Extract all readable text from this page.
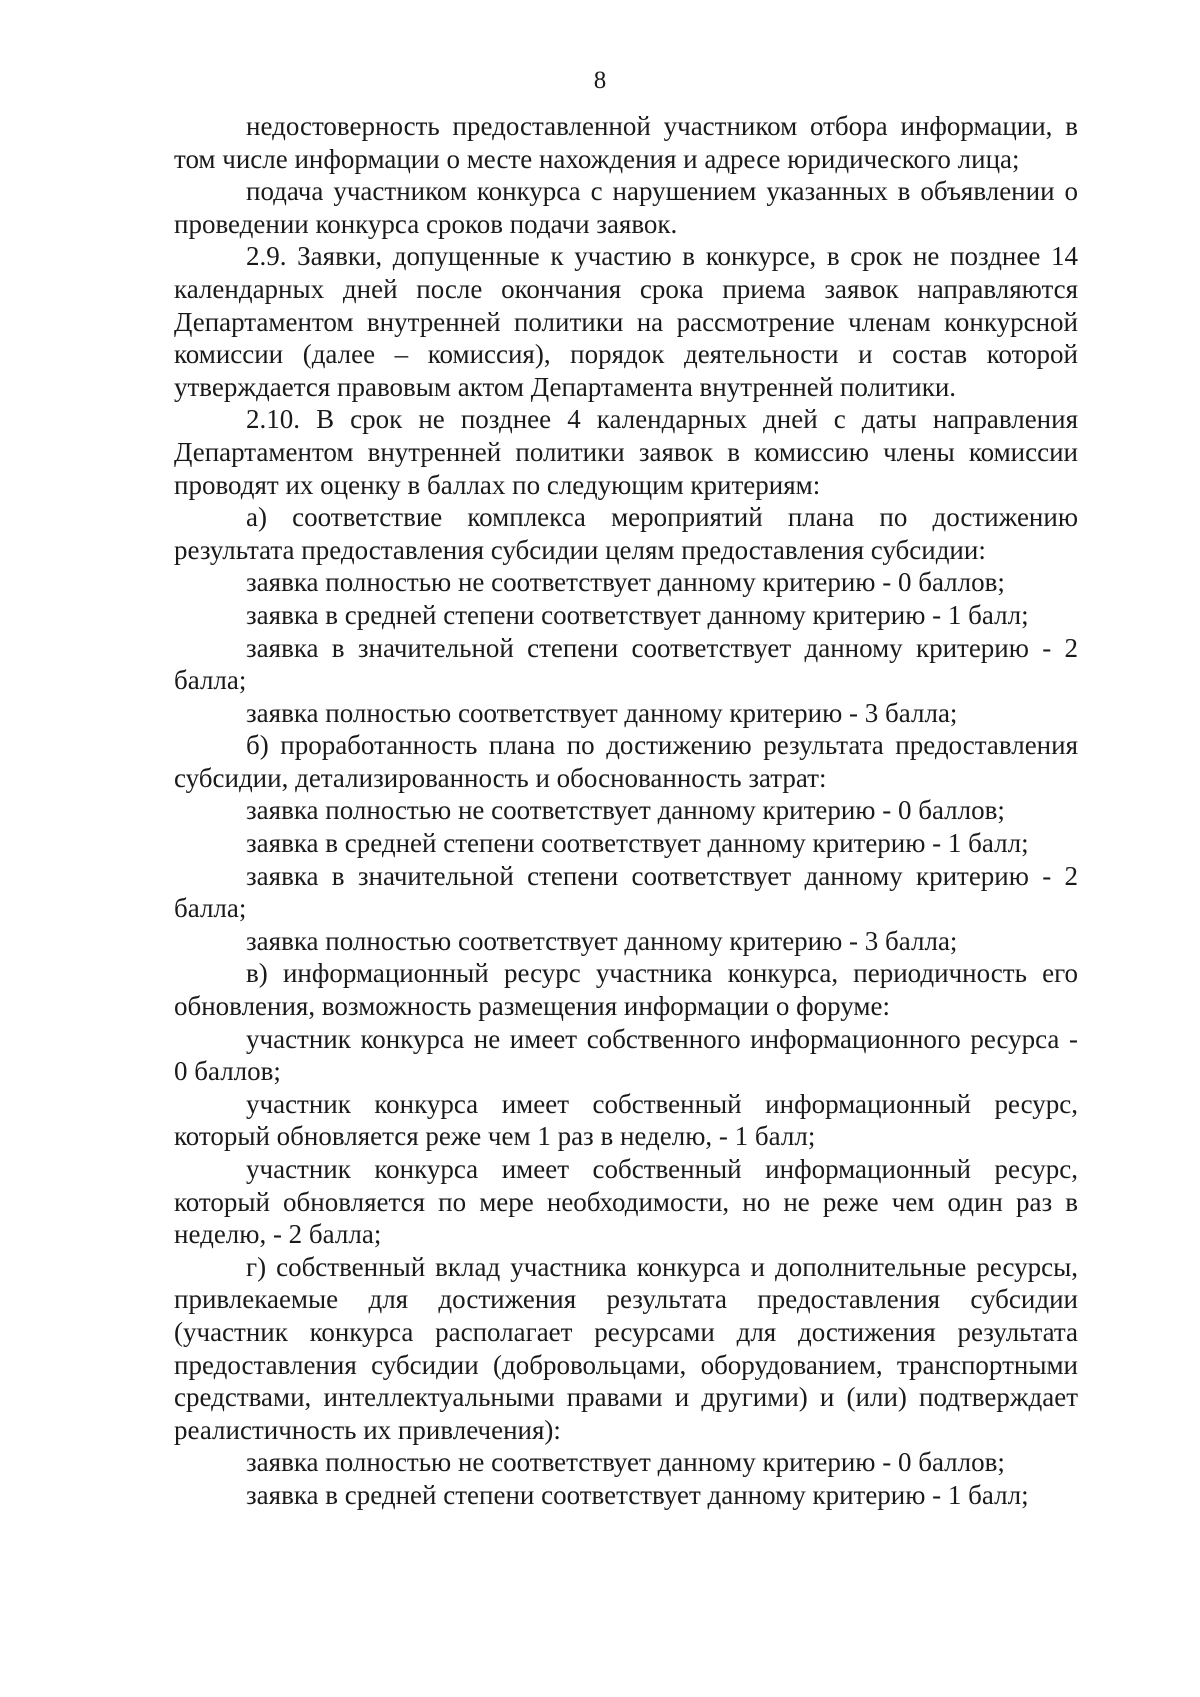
8

недостоверность предоставленной участником отбора информации, в том числе информации о месте нахождения и адресе юридического лица;

подача участником конкурса с нарушением указанных в объявлении о проведении конкурса сроков подачи заявок.

2.9. Заявки, допущенные к участию в конкурсе, в срок не позднее 14 календарных дней после окончания срока приема заявок направляются Департаментом внутренней политики на рассмотрение членам конкурсной комиссии (далее – комиссия), порядок деятельности и состав которой утверждается правовым актом Департамента внутренней политики.

2.10. В срок не позднее 4 календарных дней с даты направления Департаментом внутренней политики заявок в комиссию члены комиссии проводят их оценку в баллах по следующим критериям:

а) соответствие комплекса мероприятий плана по достижению результата предоставления субсидии целям предоставления субсидии:

заявка полностью не соответствует данному критерию - 0 баллов;

заявка в средней степени соответствует данному критерию - 1 балл;

заявка в значительной степени соответствует данному критерию - 2 балла;

заявка полностью соответствует данному критерию - 3 балла;

б) проработанность плана по достижению результата предоставления субсидии, детализированность и обоснованность затрат:

заявка полностью не соответствует данному критерию - 0 баллов;

заявка в средней степени соответствует данному критерию - 1 балл;

заявка в значительной степени соответствует данному критерию - 2 балла;

заявка полностью соответствует данному критерию - 3 балла;

в) информационный ресурс участника конкурса, периодичность его обновления, возможность размещения информации о форуме:

участник конкурса не имеет собственного информационного ресурса - 0 баллов;

участник конкурса имеет собственный информационный ресурс, который обновляется реже чем 1 раз в неделю, - 1 балл;

участник конкурса имеет собственный информационный ресурс, который обновляется по мере необходимости, но не реже чем один раз в неделю, - 2 балла;

г) собственный вклад участника конкурса и дополнительные ресурсы, привлекаемые для достижения результата предоставления субсидии (участник конкурса располагает ресурсами для достижения результата предоставления субсидии (добровольцами, оборудованием, транспортными средствами, интеллектуальными правами и другими) и (или) подтверждает реалистичность их привлечения):

заявка полностью не соответствует данному критерию - 0 баллов;

заявка в средней степени соответствует данному критерию - 1 балл;
